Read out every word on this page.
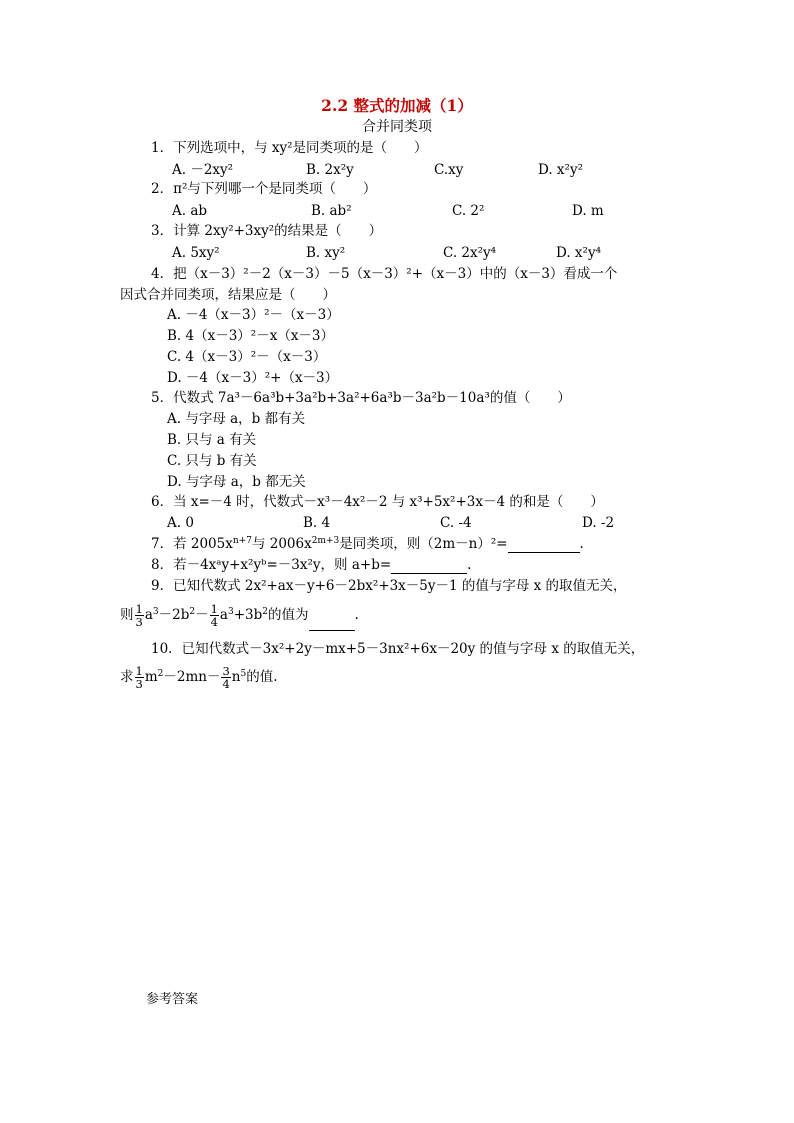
2.2 整式的加减（1）
合并同类项
1．下列选项中，与 xy²是同类项的是（　　）
A. －2xy²	B. 2x²y	C.xy	D. x²y²
2．π²与下列哪一个是同类项（　　）
A. ab	B. ab²	C. 2²	D. m
3．计算 2xy²+3xy²的结果是（　　）
A. 5xy²	B. xy²	C. 2x²y⁴	D. x²y⁴
4．把（x－3）²－2（x－3）－5（x－3）²+（x－3）中的（x－3）看成一个
因式合并同类项，结果应是（　　）
A. －4（x－3）²－（x－3）
B. 4（x－3）²－x（x－3）
C. 4（x－3）²－（x－3）
D. －4（x－3）²+（x－3）
5．代数式 7a³－6a³b+3a²b+3a²+6a³b－3a²b－10a³的值（　　）
A. 与字母 a，b 都有关
B. 只与 a 有关
C. 只与 b 有关
D. 与字母 a，b 都无关
6．当 x=－4 时，代数式－x³－4x²－2 与 x³+5x²+3x－4 的和是（　　）
A. 0	B. 4	C. -4	D. -2
7．若 $2005x^{n+7}$与 $2006x^{2m+3}$是同类项，则（2m－n）²=	.
8．若－4xᵃy+x²yᵇ=－3x²y，则 a+b=	.
9．已知代数式 2x²+ax－y+6－2bx²+3x－5y－1 的值与字母 x 的取值无关，
则 $\frac{1}{3} a^3-2b^2- \frac{1}{4} a^3+3b^2$的值为	.
10．已知代数式－3x²+2y－mx+5－3nx²+6x－20y 的值与字母 x 的取值无关，
求 $\frac{1}{3} m^2-2mn- \frac{3}{4} n^5$的值.
参考答案
